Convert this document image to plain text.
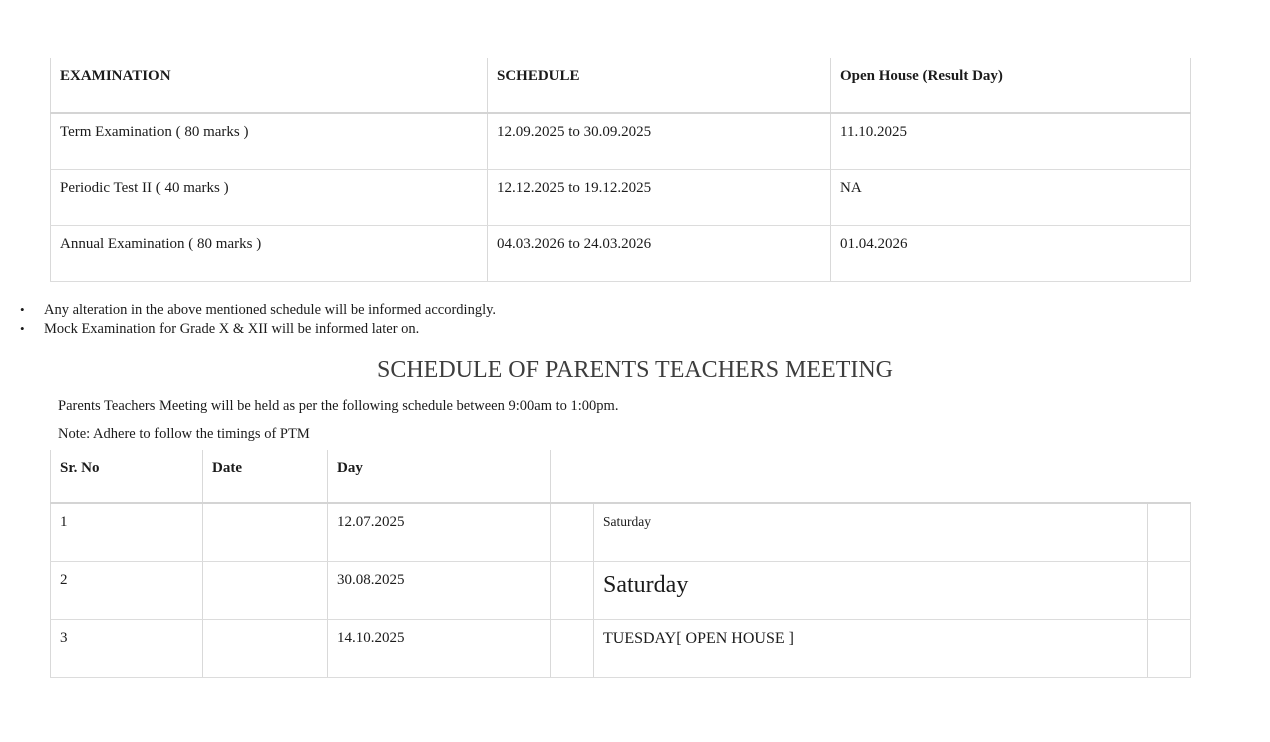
EXAMINATION	SCHEDULE	Open House (Result Day)
Term Examination ( 80 marks )	12.09.2025 to 30.09.2025	11.10.2025
Periodic Test II ( 40 marks )	12.12.2025 to 19.12.2025	NA
Annual Examination ( 80 marks )	04.03.2026 to 24.03.2026	01.04.2026
•	Any alteration in the above mentioned schedule will be informed accordingly.
•	Mock Examination for Grade X & XII will be informed later on.
SCHEDULE OF PARENTS TEACHERS MEETING
Parents Teachers Meeting will be held as per the following schedule between 9:00am to 1:00pm.
Note: Adhere to follow the timings of PTM
Sr. No	Date	Day			
1		12.07.2025		Saturday	
2		30.08.2025		Saturday	
3		14.10.2025		TUESDAY[ OPEN HOUSE ]	
